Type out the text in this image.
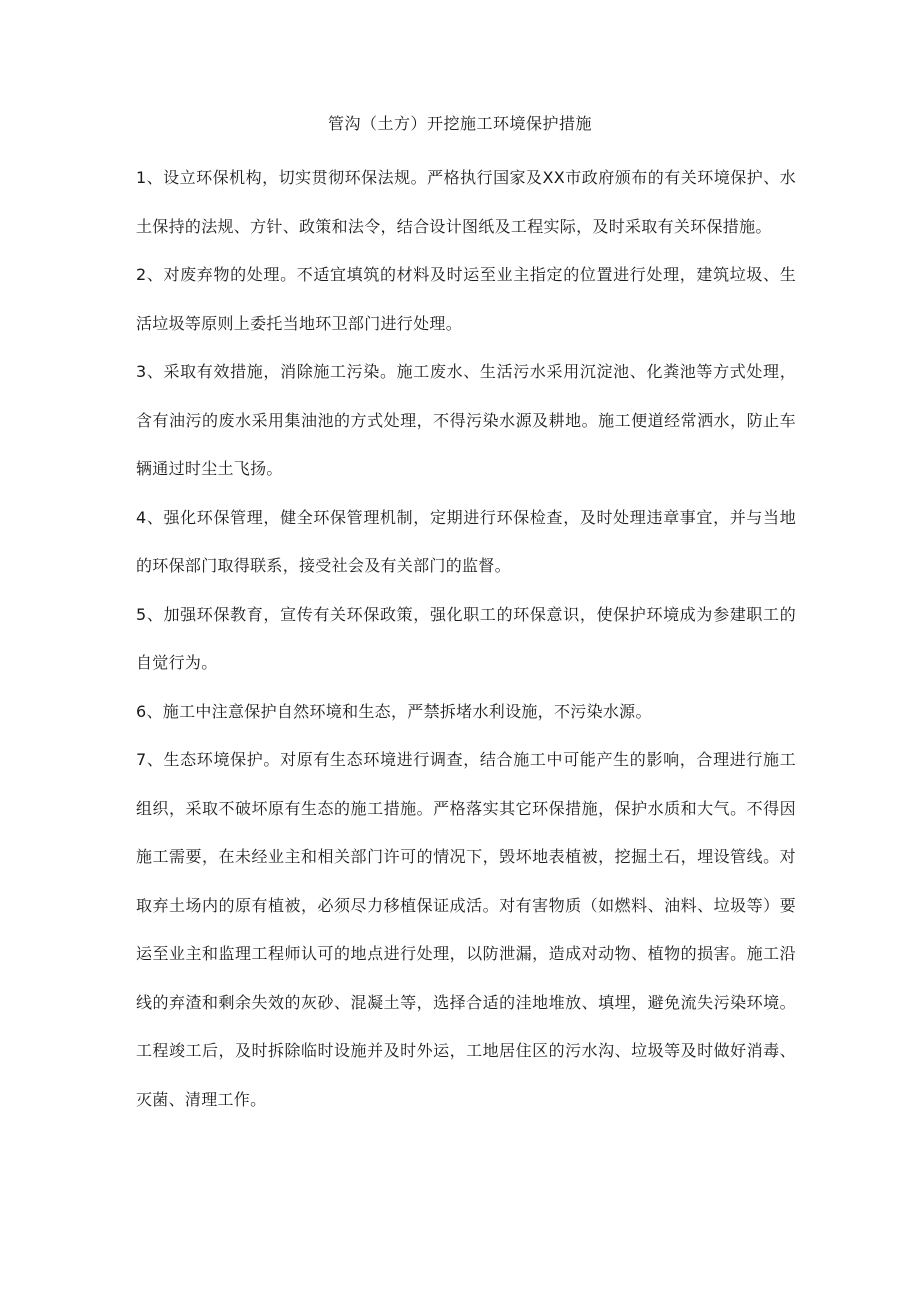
管沟（土方）开挖施工环境保护措施

1、设立环保机构，切实贯彻环保法规。严格执行国家及XX市政府颁布的有关环境保护、水土保持的法规、方针、政策和法令，结合设计图纸及工程实际，及时采取有关环保措施。

2、对废弃物的处理。不适宜填筑的材料及时运至业主指定的位置进行处理，建筑垃圾、生活垃圾等原则上委托当地环卫部门进行处理。

3、采取有效措施，消除施工污染。施工废水、生活污水采用沉淀池、化粪池等方式处理，含有油污的废水采用集油池的方式处理，不得污染水源及耕地。施工便道经常洒水，防止车辆通过时尘土飞扬。

4、强化环保管理，健全环保管理机制，定期进行环保检查，及时处理违章事宜，并与当地的环保部门取得联系，接受社会及有关部门的监督。

5、加强环保教育，宣传有关环保政策，强化职工的环保意识，使保护环境成为参建职工的自觉行为。

6、施工中注意保护自然环境和生态，严禁拆堵水利设施，不污染水源。

7、生态环境保护。对原有生态环境进行调查，结合施工中可能产生的影响，合理进行施工组织，采取不破坏原有生态的施工措施。严格落实其它环保措施，保护水质和大气。不得因施工需要，在未经业主和相关部门许可的情况下，毁坏地表植被，挖掘土石，埋设管线。对取弃土场内的原有植被，必须尽力移植保证成活。对有害物质（如燃料、油料、垃圾等）要运至业主和监理工程师认可的地点进行处理，以防泄漏，造成对动物、植物的损害。施工沿线的弃渣和剩余失效的灰砂、混凝土等，选择合适的洼地堆放、填埋，避免流失污染环境。工程竣工后，及时拆除临时设施并及时外运，工地居住区的污水沟、垃圾等及时做好消毒、灭菌、清理工作。
